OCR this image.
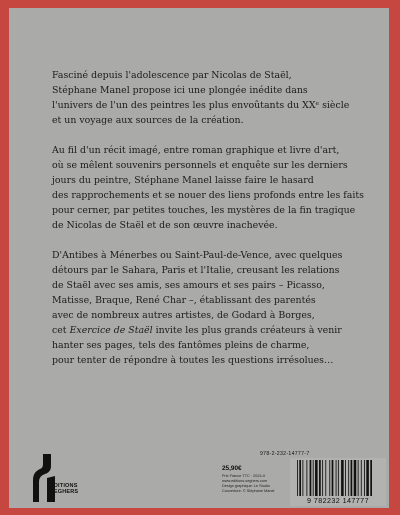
Fasciné depuis l'adolescence par Nicolas de Staël,
Stéphane Manel propose ici une plongée inédite dans
l'univers de l'un des peintres les plus envoûtants du XXᵉ siècle
et un voyage aux sources de la création.

Au fil d'un récit imagé, entre roman graphique et livre d'art,
où se mêlent souvenirs personnels et enquête sur les derniers
jours du peintre, Stéphane Manel laisse faire le hasard
des rapprochements et se nouer des liens profonds entre les faits
pour cerner, par petites touches, les mystères de la fin tragique
de Nicolas de Staël et de son œuvre inachevée.

D'Antibes à Ménerbes ou Saint-Paul-de-Vence, avec quelques
détours par le Sahara, Paris et l'Italie, creusant les relations
de Staël avec ses amis, ses amours et ses pairs – Picasso,
Matisse, Braque, René Char –, établissant des parentés
avec de nombreux autres artistes, de Godard à Borges,
cet Exercice de Staël invite les plus grands créateurs à venir
hanter ses pages, tels des fantômes pleins de charme,
pour tenter de répondre à toutes les questions irrésolues…

ÉDITIONS SEGHERS
25,90€
Prix France TTC · 2024-II
www.editions-seghers.com
Design graphique: Le Studio
Couverture: © Stéphane Manel
978-2-232-14777-7
9 782232 147777
